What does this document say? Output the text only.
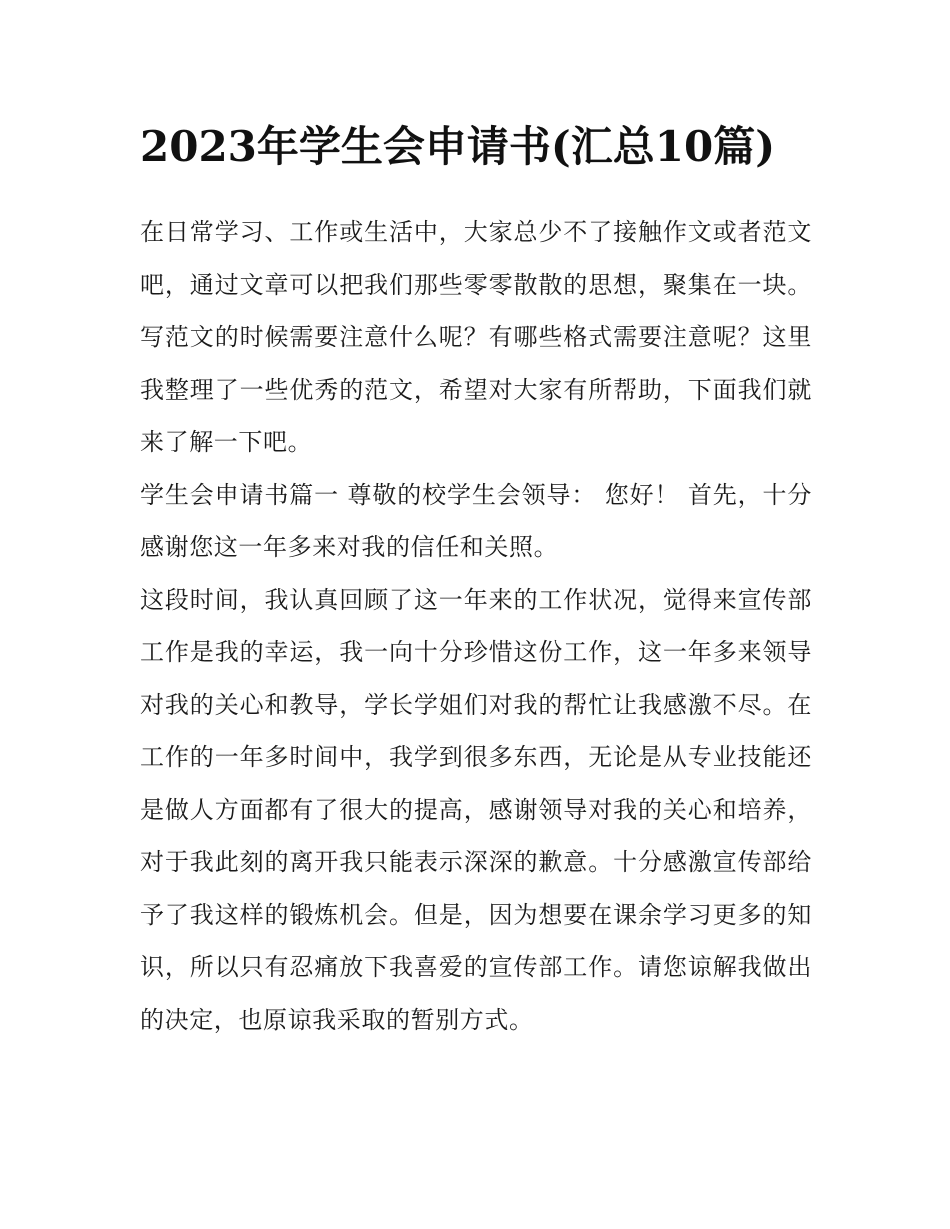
2023年学生会申请书(汇总10篇)

在日常学习、工作或生活中，大家总少不了接触作文或者范文吧，通过文章可以把我们那些零零散散的思想，聚集在一块。写范文的时候需要注意什么呢？有哪些格式需要注意呢？这里我整理了一些优秀的范文，希望对大家有所帮助，下面我们就来了解一下吧。

学生会申请书篇一 尊敬的校学生会领导： 您好！ 首先，十分感谢您这一年多来对我的信任和关照。

这段时间，我认真回顾了这一年来的工作状况，觉得来宣传部工作是我的幸运，我一向十分珍惜这份工作，这一年多来领导对我的关心和教导，学长学姐们对我的帮忙让我感激不尽。在工作的一年多时间中，我学到很多东西，无论是从专业技能还是做人方面都有了很大的提高，感谢领导对我的关心和培养，对于我此刻的离开我只能表示深深的歉意。十分感激宣传部给予了我这样的锻炼机会。但是，因为想要在课余学习更多的知识，所以只有忍痛放下我喜爱的宣传部工作。请您谅解我做出的决定，也原谅我采取的暂别方式。
